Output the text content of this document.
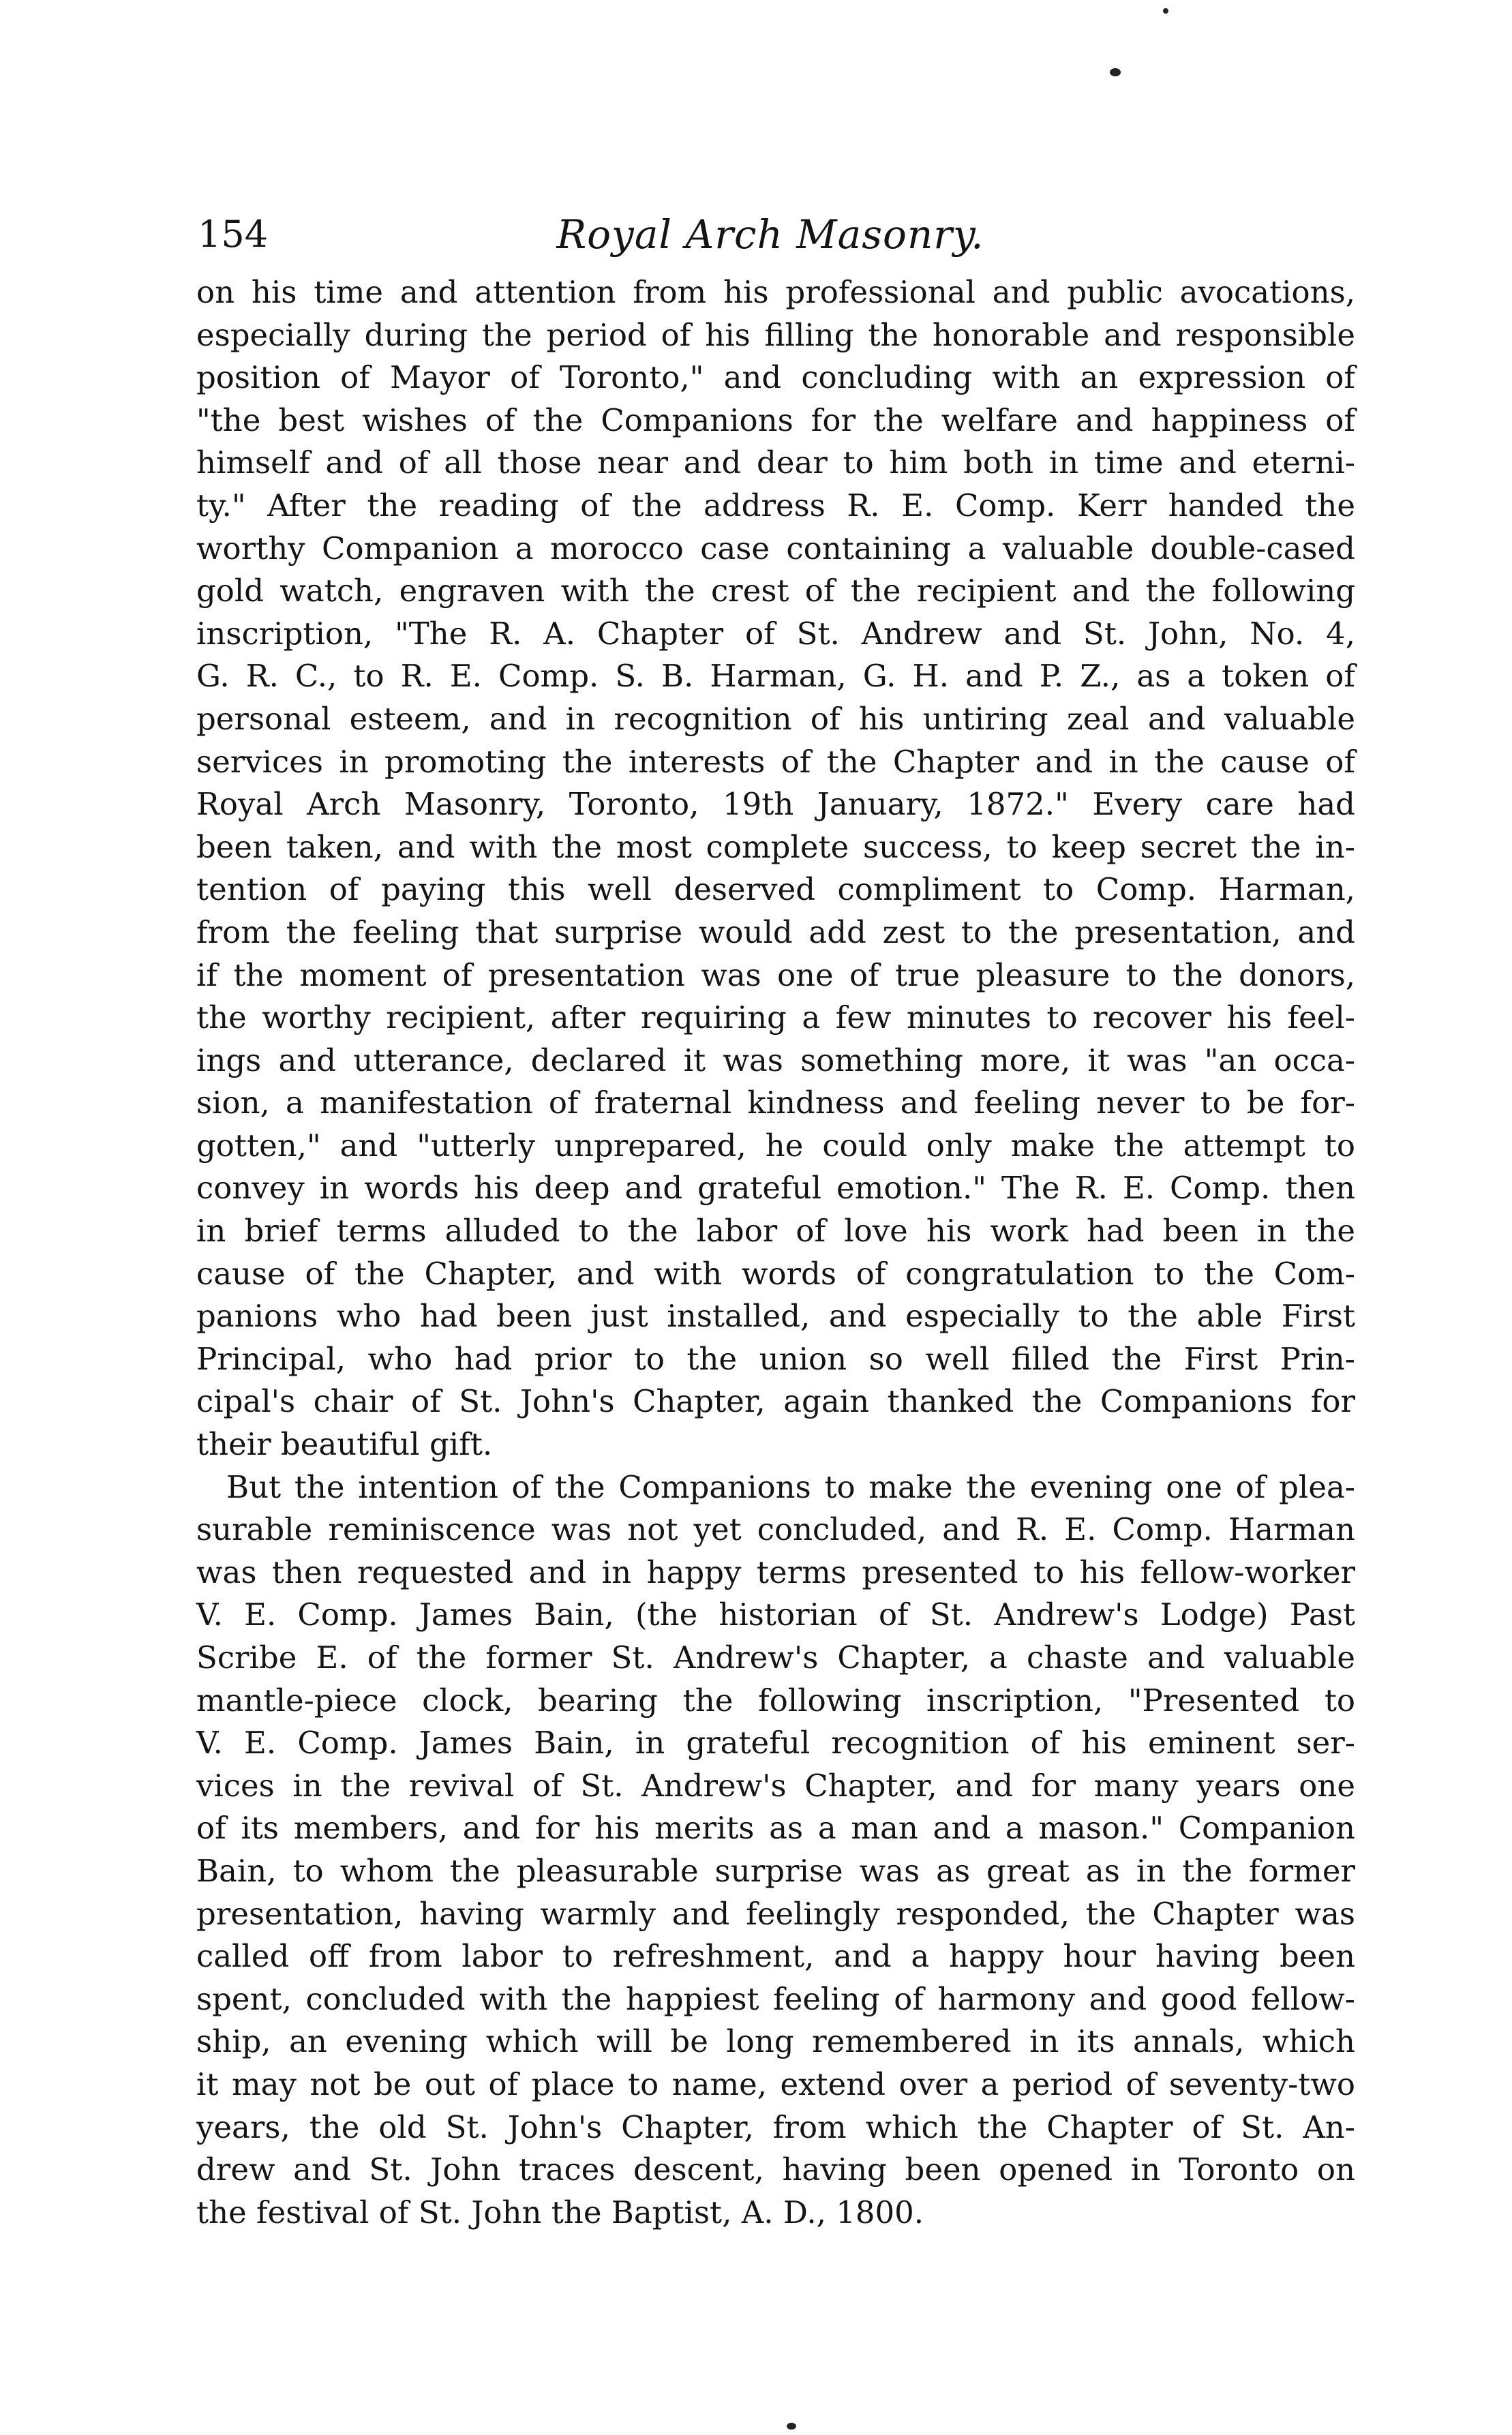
154	Royal Arch Masonry.
on his time and attention from his professional and public avocations,
especially during the period of his filling the honorable and responsible
position of Mayor of Toronto," and concluding with an expression of
"the best wishes of the Companions for the welfare and happiness of
himself and of all those near and dear to him both in time and eterni-
ty." After the reading of the address R. E. Comp. Kerr handed the
worthy Companion a morocco case containing a valuable double-cased
gold watch, engraven with the crest of the recipient and the following
inscription, "The R. A. Chapter of St. Andrew and St. John, No. 4,
G. R. C., to R. E. Comp. S. B. Harman, G. H. and P. Z., as a token of
personal esteem, and in recognition of his untiring zeal and valuable
services in promoting the interests of the Chapter and in the cause of
Royal Arch Masonry, Toronto, 19th January, 1872." Every care had
been taken, and with the most complete success, to keep secret the in-
tention of paying this well deserved compliment to Comp. Harman,
from the feeling that surprise would add zest to the presentation, and
if the moment of presentation was one of true pleasure to the donors,
the worthy recipient, after requiring a few minutes to recover his feel-
ings and utterance, declared it was something more, it was "an occa-
sion, a manifestation of fraternal kindness and feeling never to be for-
gotten," and "utterly unprepared, he could only make the attempt to
convey in words his deep and grateful emotion." The R. E. Comp. then
in brief terms alluded to the labor of love his work had been in the
cause of the Chapter, and with words of congratulation to the Com-
panions who had been just installed, and especially to the able First
Principal, who had prior to the union so well filled the First Prin-
cipal's chair of St. John's Chapter, again thanked the Companions for
their beautiful gift.
But the intention of the Companions to make the evening one of plea-
surable reminiscence was not yet concluded, and R. E. Comp. Harman
was then requested and in happy terms presented to his fellow-worker
V. E. Comp. James Bain, (the historian of St. Andrew's Lodge) Past
Scribe E. of the former St. Andrew's Chapter, a chaste and valuable
mantle-piece clock, bearing the following inscription, "Presented to
V. E. Comp. James Bain, in grateful recognition of his eminent ser-
vices in the revival of St. Andrew's Chapter, and for many years one
of its members, and for his merits as a man and a mason." Companion
Bain, to whom the pleasurable surprise was as great as in the former
presentation, having warmly and feelingly responded, the Chapter was
called off from labor to refreshment, and a happy hour having been
spent, concluded with the happiest feeling of harmony and good fellow-
ship, an evening which will be long remembered in its annals, which
it may not be out of place to name, extend over a period of seventy-two
years, the old St. John's Chapter, from which the Chapter of St. An-
drew and St. John traces descent, having been opened in Toronto on
the festival of St. John the Baptist, A. D., 1800.
